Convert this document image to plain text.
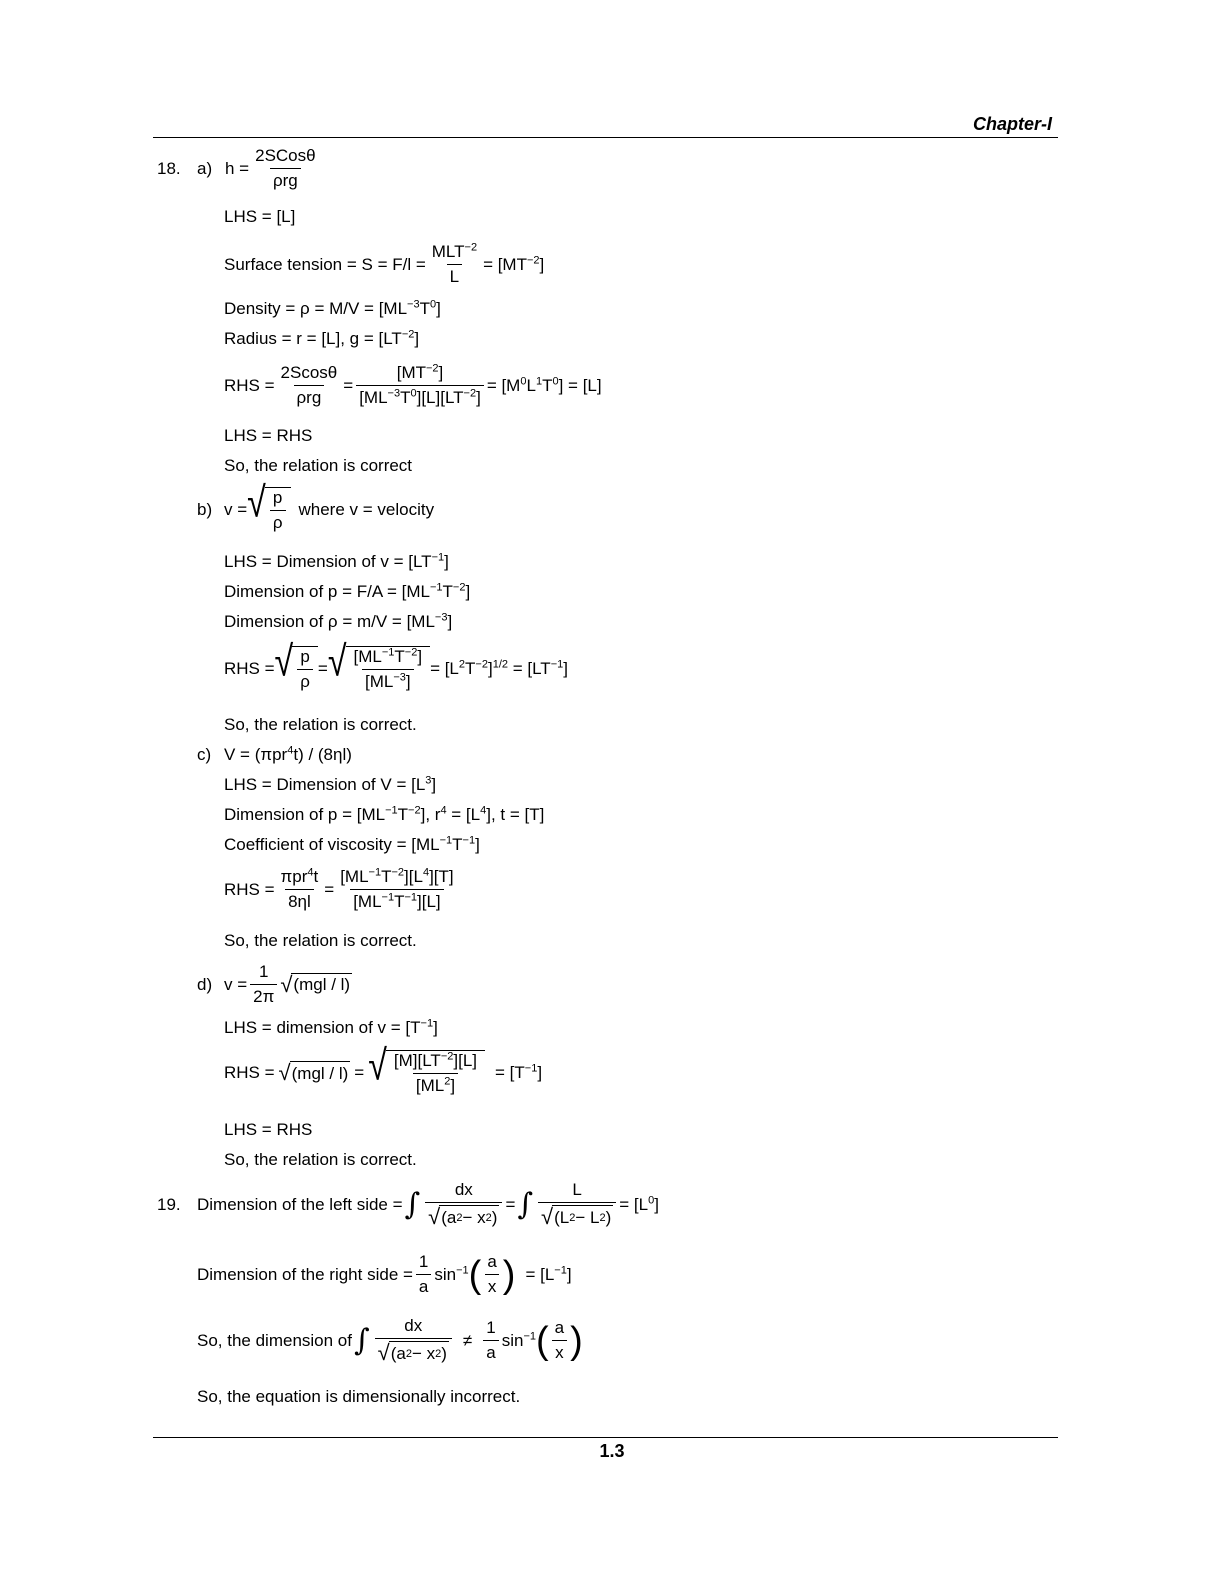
Chapter-I
18. a) $h = \frac{\text{2SCosθ}}{\text{ρrg}}$
LHS = [L]
Surface tension = $S = F/l = \frac{MLT^{-2}}{L} = [MT^{-2}]$
Density = $\rho = M/V = [ML^{-3}T^0]$
Radius = r = [L], $g = [LT^{-2}]$
RHS = $\frac{2Scos\theta}{\text{ρrg}} = \frac{[MT^{-2}]}{[ML^{-3}T^0][L][LT^{-2}]} = [M^0L^1T^0] = [L]$
LHS = RHS
So, the relation is correct
b) v = √ $\frac{p}{\rho}$ where v = velocity
LHS = Dimension of $v = [LT^{-1}]$
Dimension of $p = F/A = [ML^{-1}T^{-2}]$
Dimension of $\rho = m/V = [ML^{-3}]$
RHS = √ $\frac{p}{\rho}$ = √ $\frac{[ML^{-1}T^{-2}]}{[ML^{-3}]} = [L^2T^{-2}]^{1/2} = [LT^{-1}]$
So, the relation is correct.
c) V = (πpr$^4$t) / (8ηl)
LHS = Dimension of $V = [L^3]$
Dimension of $p = [ML^{-1}T^{-2}]$, $r^4 = [L^4]$, t = [T]
Coefficient of viscosity = $[ML^{-1}T^{-1}]$
RHS = $\frac{\pi pr^4t}{8\eta l} = \frac{[ML^{-1}T^{-2}][L^4][T]}{[ML^{-1}T^{-1}][L]}$
So, the relation is correct.
d) $v = \frac{1}{2\pi}$ √ (mgl / l)
LHS = dimension of $v = [T^{-1}]$
RHS = √ (mgl / l) = √ $\frac{[M][LT^{-2}][L]}{[ML^2]} = [T^{-1}]$
LHS = RHS
So, the relation is correct.
19. Dimension of the left side = ∫ $\frac{dx}{√ (a 2 - x 2 )}$ = ∫ $\frac{L}{√ (L 2 - L 2 )} = [L^0]$
Dimension of the right side = $\frac{1}{a} \sin^{-1}$ ( $\frac{a}{x}$ ) = $[L^{-1}]$
So, the dimension of ∫ $\frac{dx}{√ (a 2 - x 2 )} \ne \frac{1}{a} \sin^{-1}$ ( $\frac{a}{x}$ )
So, the equation is dimensionally incorrect.
1.3
